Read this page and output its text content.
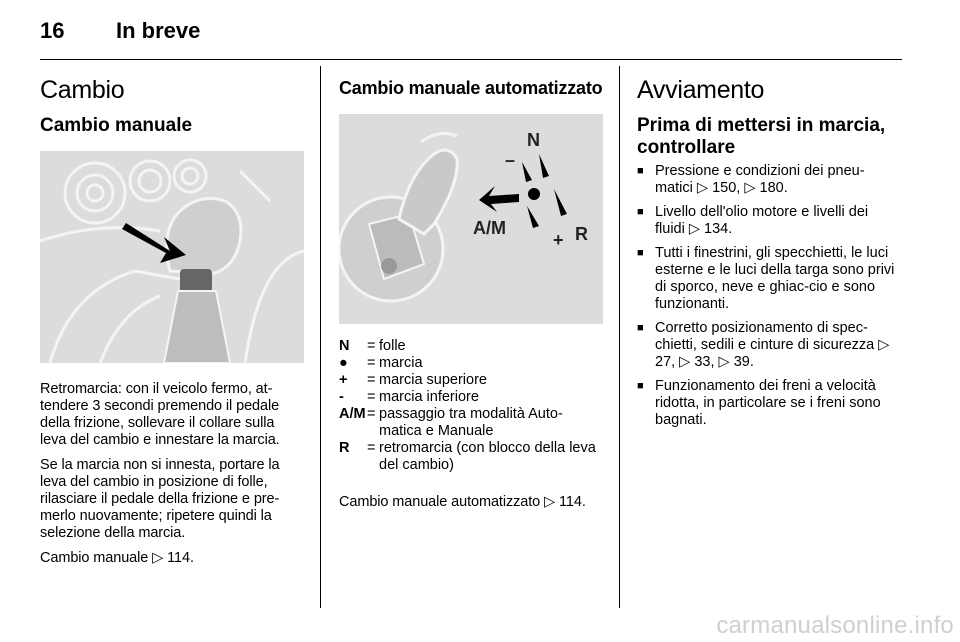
16 In breve
Cambio
Cambio manuale

Retromarcia: con il veicolo fermo, at-tendere 3 secondi premendo il pedale della frizione, sollevare il collare sulla leva del cambio e innestare la marcia.

Se la marcia non si innesta, portare la leva del cambio in posizione di folle, rilasciare il pedale della frizione e pre-merlo nuovamente; ripetere quindi la selezione della marcia.

Cambio manuale ▷ 114.

Cambio manuale automatizzato
N
–
+ R
A/M
N	= folle
●	= marcia
+	= marcia superiore
-	= marcia inferiore
A/M = passaggio tra modalità Auto-matica e Manuale
R	= retromarcia (con blocco della leva del cambio)

Cambio manuale automatizzato ▷ 114.

Avviamento
Prima di mettersi in marcia, controllare
■ Pressione e condizioni dei pneu-matici ▷ 150, ▷ 180.
■ Livello dell'olio motore e livelli dei fluidi ▷ 134.
■ Tutti i finestrini, gli specchietti, le luci esterne e le luci della targa sono privi di sporco, neve e ghiac-cio e sono funzionanti.
■ Corretto posizionamento di spec-chietti, sedili e cinture di sicurezza ▷ 27, ▷ 33, ▷ 39.
■ Funzionamento dei freni a velocità ridotta, in particolare se i freni sono bagnati.
carmanualsonline.info
